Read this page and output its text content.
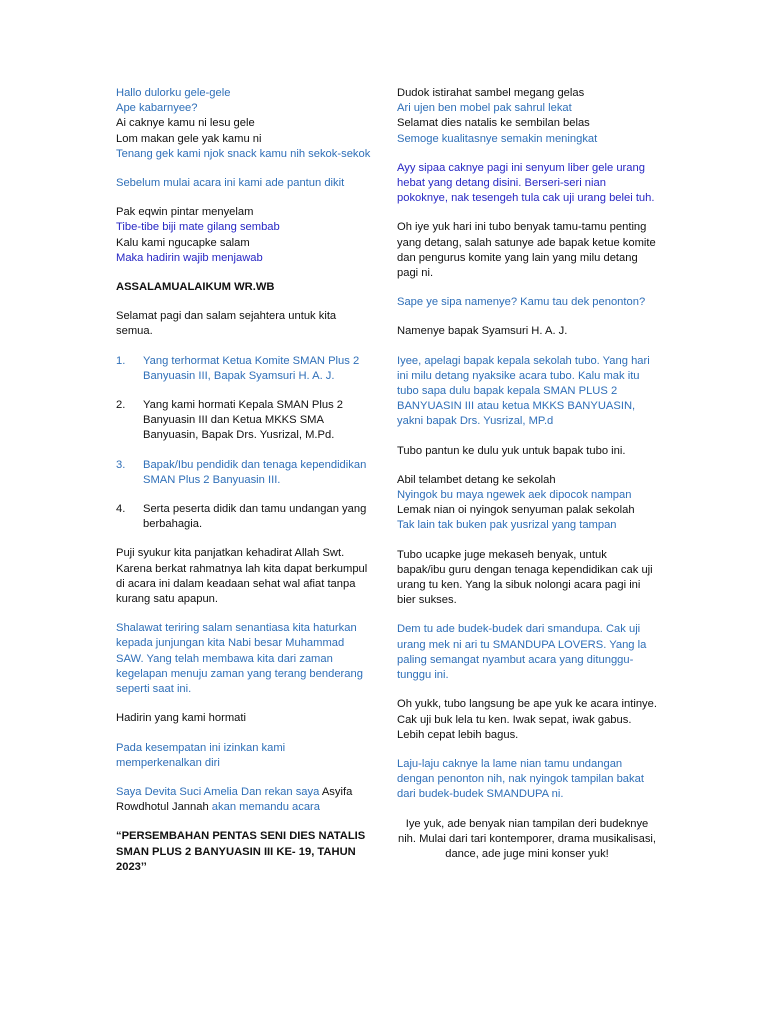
Hallo dulorku gele-gele
Ape kabarnyee?
Ai caknye kamu ni lesu gele
Lom makan gele yak kamu ni
Tenang gek kami njok snack kamu nih sekok-sekok
Sebelum mulai acara ini kami ade pantun dikit
Pak eqwin pintar menyelam
Tibe-tibe biji mate gilang sembab
Kalu kami ngucapke salam
Maka hadirin wajib menjawab
ASSALAMUALAIKUM WR.WB
Selamat pagi dan salam sejahtera untuk kita semua.
1.	Yang terhormat Ketua Komite SMAN Plus 2 Banyuasin III, Bapak Syamsuri H. A. J.
2.	Yang kami hormati Kepala SMAN Plus 2 Banyuasin III dan Ketua MKKS SMA Banyuasin, Bapak Drs. Yusrizal, M.Pd.
3.	Bapak/Ibu pendidik dan tenaga kependidikan SMAN Plus 2 Banyuasin III.
4.	Serta peserta didik dan tamu undangan yang berbahagia.
Puji syukur kita panjatkan kehadirat Allah Swt. Karena berkat rahmatnya lah kita dapat berkumpul di acara ini dalam keadaan sehat wal afiat tanpa kurang satu apapun.
Shalawat teriring salam senantiasa kita haturkan kepada junjungan kita Nabi besar Muhammad SAW. Yang telah membawa kita dari zaman kegelapan menuju zaman yang terang benderang seperti saat ini.
Hadirin yang kami hormati
Pada kesempatan ini izinkan kami memperkenalkan diri
Saya Devita Suci Amelia Dan rekan saya Asyifa Rowdhotul Jannah akan memandu acara
“PERSEMBAHAN PENTAS SENI DIES NATALIS SMAN PLUS 2 BANYUASIN III KE- 19, TAHUN 2023’’
Dudok istirahat sambel megang gelas
Ari ujen ben mobel pak sahrul lekat
Selamat dies natalis ke sembilan belas
Semoge kualitasnye semakin meningkat
Ayy sipaa caknye pagi ini senyum liber gele urang hebat yang detang disini. Berseri-seri nian pokoknye, nak tesengeh tula cak uji urang belei tuh.
Oh iye yuk hari ini tubo benyak tamu-tamu penting yang detang, salah satunye ade bapak ketue komite dan pengurus komite yang lain yang milu detang pagi ni.
Sape ye sipa namenye? Kamu tau dek penonton?
Namenye bapak Syamsuri H. A. J.
Iyee, apelagi bapak kepala sekolah tubo. Yang hari ini milu detang nyaksike acara tubo. Kalu mak itu tubo sapa dulu bapak kepala SMAN PLUS 2 BANYUASIN III atau ketua MKKS BANYUASIN, yakni bapak Drs. Yusrizal, MP.d
Tubo pantun ke dulu yuk untuk bapak tubo ini.
Abil telambet detang ke sekolah
Nyingok bu maya ngewek aek dipocok nampan
Lemak nian oi nyingok senyuman palak sekolah
Tak lain tak buken pak yusrizal yang tampan
Tubo ucapke juge mekaseh benyak, untuk bapak/ibu guru dengan tenaga kependidikan cak uji urang tu ken. Yang la sibuk nolongi acara pagi ini bier sukses.
Dem tu ade budek-budek dari smandupa. Cak uji urang mek ni ari tu SMANDUPA LOVERS. Yang la paling semangat nyambut acara yang ditunggu-tunggu ini.
Oh yukk, tubo langsung be ape yuk ke acara intinye.
Cak uji buk lela tu ken. Iwak sepat, iwak gabus. Lebih cepat lebih bagus.
Laju-laju caknye la lame nian tamu undangan dengan penonton nih, nak nyingok tampilan bakat dari budek-budek SMANDUPA ni.
Iye yuk, ade benyak nian tampilan deri budeknye nih. Mulai dari tari kontemporer, drama musikalisasi, dance, ade juge mini konser yuk!
